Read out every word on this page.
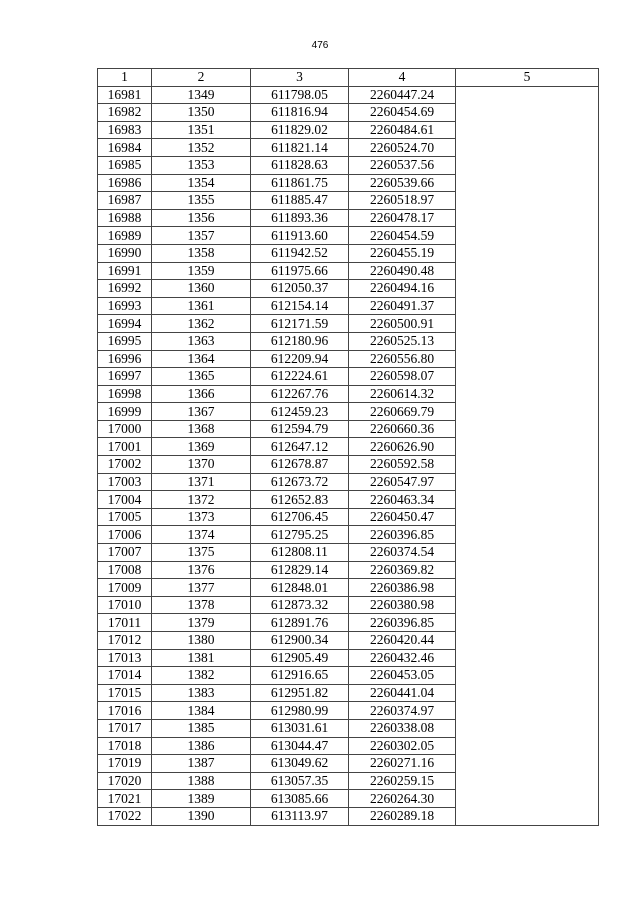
476
1	2	3	4	5
16981	1349	611798.05	2260447.24	
16982	1350	611816.94	2260454.69	
16983	1351	611829.02	2260484.61	
16984	1352	611821.14	2260524.70	
16985	1353	611828.63	2260537.56	
16986	1354	611861.75	2260539.66	
16987	1355	611885.47	2260518.97	
16988	1356	611893.36	2260478.17	
16989	1357	611913.60	2260454.59	
16990	1358	611942.52	2260455.19	
16991	1359	611975.66	2260490.48	
16992	1360	612050.37	2260494.16	
16993	1361	612154.14	2260491.37	
16994	1362	612171.59	2260500.91	
16995	1363	612180.96	2260525.13	
16996	1364	612209.94	2260556.80	
16997	1365	612224.61	2260598.07	
16998	1366	612267.76	2260614.32	
16999	1367	612459.23	2260669.79	
17000	1368	612594.79	2260660.36	
17001	1369	612647.12	2260626.90	
17002	1370	612678.87	2260592.58	
17003	1371	612673.72	2260547.97	
17004	1372	612652.83	2260463.34	
17005	1373	612706.45	2260450.47	
17006	1374	612795.25	2260396.85	
17007	1375	612808.11	2260374.54	
17008	1376	612829.14	2260369.82	
17009	1377	612848.01	2260386.98	
17010	1378	612873.32	2260380.98	
17011	1379	612891.76	2260396.85	
17012	1380	612900.34	2260420.44	
17013	1381	612905.49	2260432.46	
17014	1382	612916.65	2260453.05	
17015	1383	612951.82	2260441.04	
17016	1384	612980.99	2260374.97	
17017	1385	613031.61	2260338.08	
17018	1386	613044.47	2260302.05	
17019	1387	613049.62	2260271.16	
17020	1388	613057.35	2260259.15	
17021	1389	613085.66	2260264.30	
17022	1390	613113.97	2260289.18	
